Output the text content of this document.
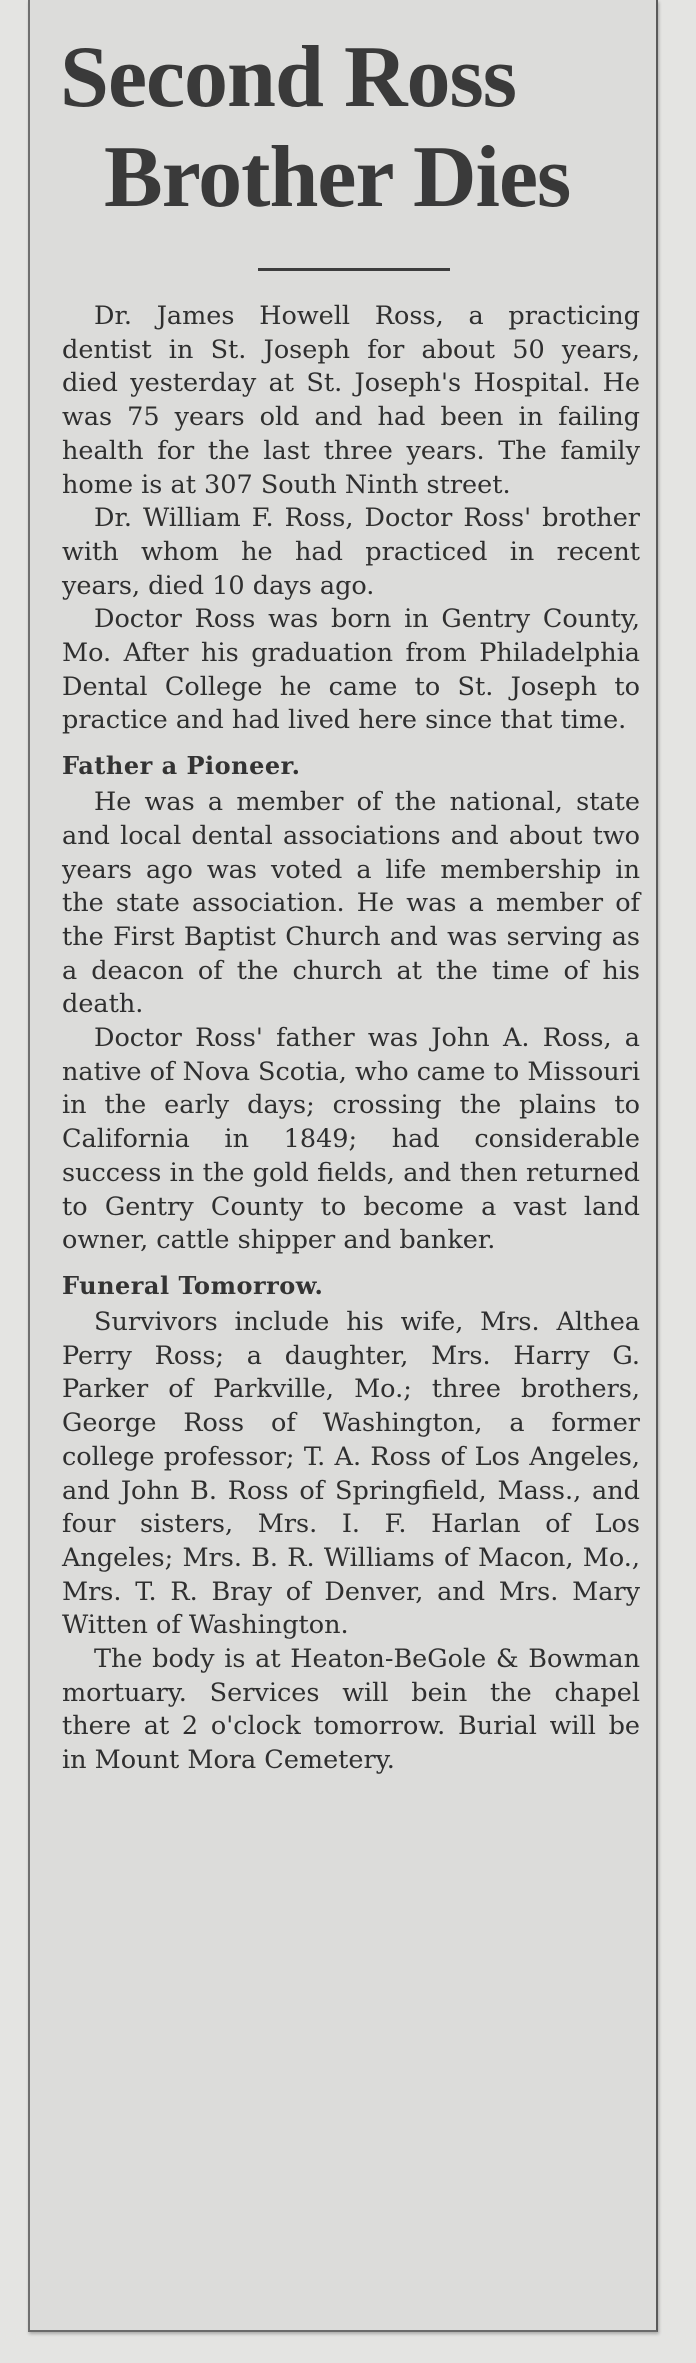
Second Ross
Brother Dies

Dr. James Howell Ross, a practicing dentist in St. Joseph for about 50 years, died yesterday at St. Joseph's Hospital. He was 75 years old and had been in failing health for the last three years. The family home is at 307 South Ninth street.

Dr. William F. Ross, Doctor Ross' brother with whom he had practiced in recent years, died 10 days ago.

Doctor Ross was born in Gentry County, Mo. After his graduation from Philadelphia Dental College he came to St. Joseph to practice and had lived here since that time.

Father a Pioneer.

He was a member of the national, state and local dental associations and about two years ago was voted a life membership in the state association. He was a member of the First Baptist Church and was serving as a deacon of the church at the time of his death.

Doctor Ross' father was John A. Ross, a native of Nova Scotia, who came to Missouri in the early days; crossing the plains to California in 1849; had considerable success in the gold fields, and then returned to Gentry County to become a vast land owner, cattle shipper and banker.

Funeral Tomorrow.

Survivors include his wife, Mrs. Althea Perry Ross; a daughter, Mrs. Harry G. Parker of Parkville, Mo.; three brothers, George Ross of Washington, a former college professor; T. A. Ross of Los Angeles, and John B. Ross of Springfield, Mass., and four sisters, Mrs. I. F. Harlan of Los Angeles; Mrs. B. R. Williams of Macon, Mo., Mrs. T. R. Bray of Denver, and Mrs. Mary Witten of Washington.

The body is at Heaton-BeGole & Bowman mortuary. Services will bein the chapel there at 2 o'clock tomorrow. Burial will be in Mount Mora Cemetery.
